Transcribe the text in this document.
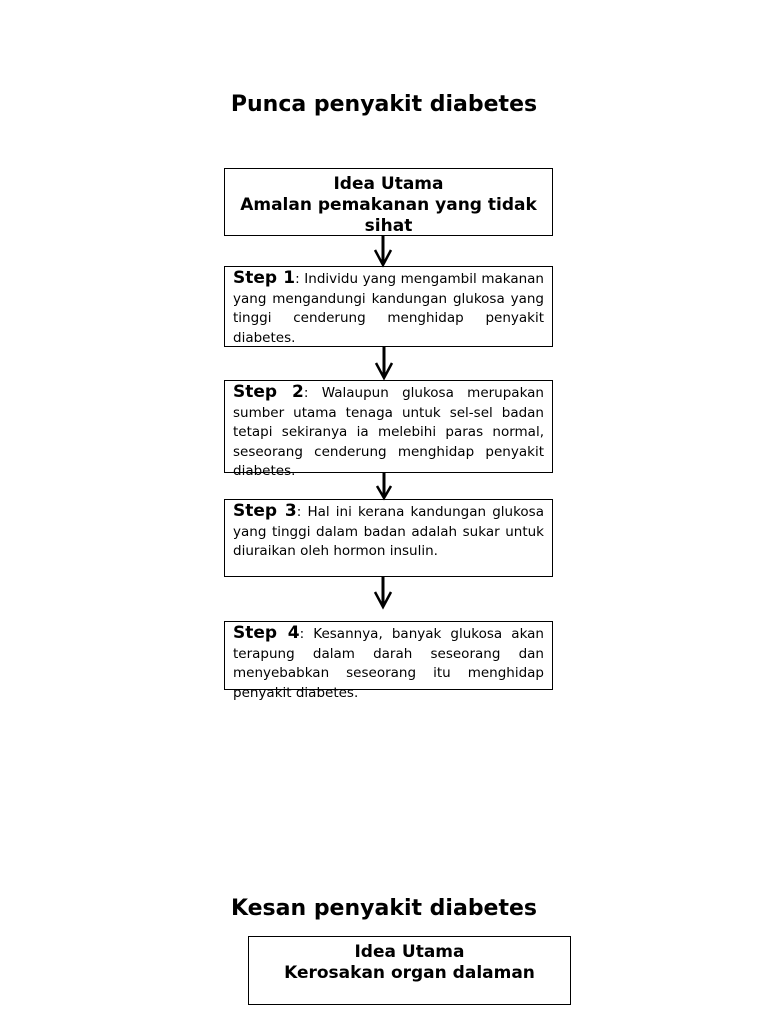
Punca penyakit diabetes
Idea Utama
Amalan pemakanan yang tidak sihat
Step 1: Individu yang mengambil makanan yang mengandungi kandungan glukosa yang tinggi cenderung menghidap penyakit diabetes.
Step 2: Walaupun glukosa merupakan sumber utama tenaga untuk sel-sel badan tetapi sekiranya ia melebihi paras normal, seseorang cenderung menghidap penyakit diabetes.
Step 3: Hal ini kerana kandungan glukosa yang tinggi dalam badan adalah sukar untuk diuraikan oleh hormon insulin.
Step 4: Kesannya, banyak glukosa akan terapung dalam darah seseorang dan menyebabkan seseorang itu menghidap penyakit diabetes.
Kesan penyakit diabetes
Idea Utama
Kerosakan organ dalaman
